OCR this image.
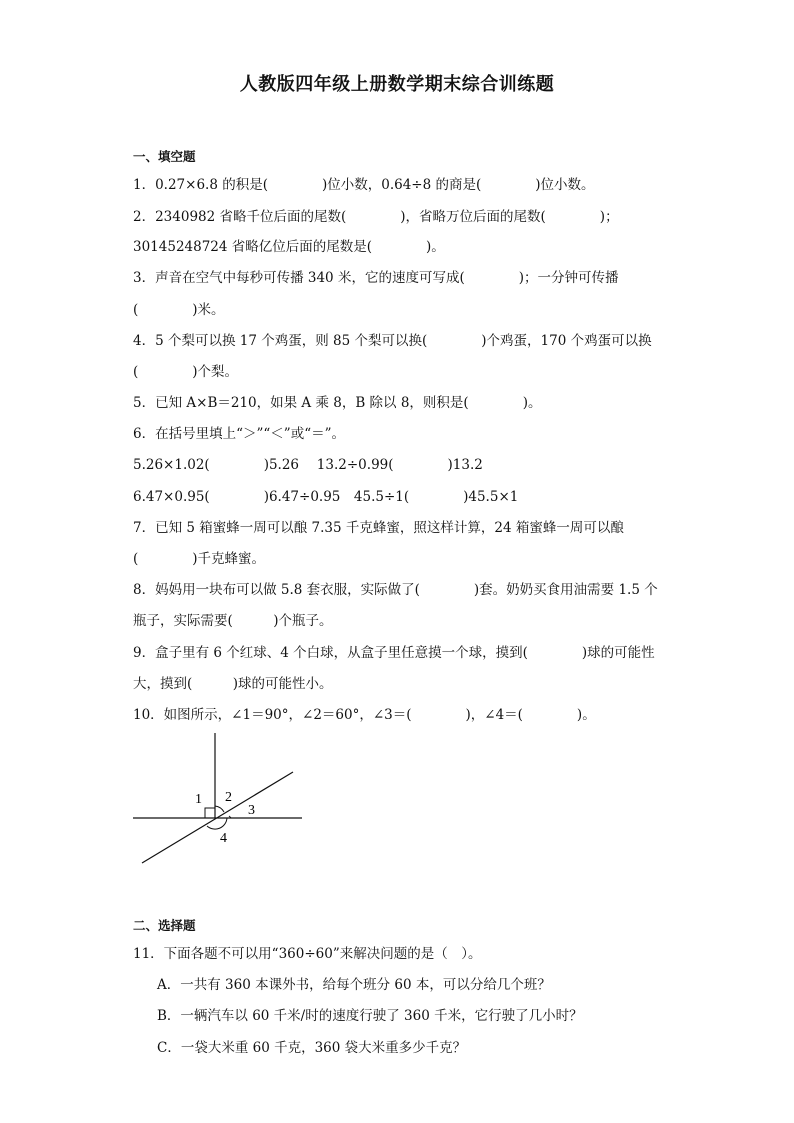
人教版四年级上册数学期末综合训练题
一、填空题
1．0.27×6.8 的积是(　　　　)位小数，0.64÷8 的商是(　　　　)位小数。
2．2340982 省略千位后面的尾数(　　　　)，省略万位后面的尾数(　　　　)；
30145248724 省略亿位后面的尾数是(　　　　)。
3．声音在空气中每秒可传播 340 米，它的速度可写成(　　　　)；一分钟可传播
(　　　　)米。
4．5 个梨可以换 17 个鸡蛋，则 85 个梨可以换(　　　　)个鸡蛋，170 个鸡蛋可以换
(　　　　)个梨。
5．已知 A×B＝210，如果 A 乘 8，B 除以 8，则积是(　　　　)。
6．在括号里填上“＞”“＜”或“＝”。
5.26×1.02(　　　　)5.26　 13.2÷0.99(　　　　)13.2
6.47×0.95(　　　　)6.47÷0.95　45.5÷1(　　　　)45.5×1
7．已知 5 箱蜜蜂一周可以酿 7.35 千克蜂蜜，照这样计算，24 箱蜜蜂一周可以酿
(　　　　)千克蜂蜜。
8．妈妈用一块布可以做 5.8 套衣服，实际做了(　　　　)套。奶奶买食用油需要 1.5 个
瓶子，实际需要(　　　)个瓶子。
9．盒子里有 6 个红球、4 个白球，从盒子里任意摸一个球，摸到(　　　　)球的可能性
大，摸到(　　　)球的可能性小。
10．如图所示，∠1＝90°，∠2＝60°，∠3＝(　　　　)，∠4＝(　　　　)。
1 2
3
4
二、选择题
11．下面各题不可以用“360÷60”来解决问题的是（　）。
A．一共有 360 本课外书，给每个班分 60 本，可以分给几个班？
B．一辆汽车以 60 千米/时的速度行驶了 360 千米，它行驶了几小时？
C．一袋大米重 60 千克，360 袋大米重多少千克？
